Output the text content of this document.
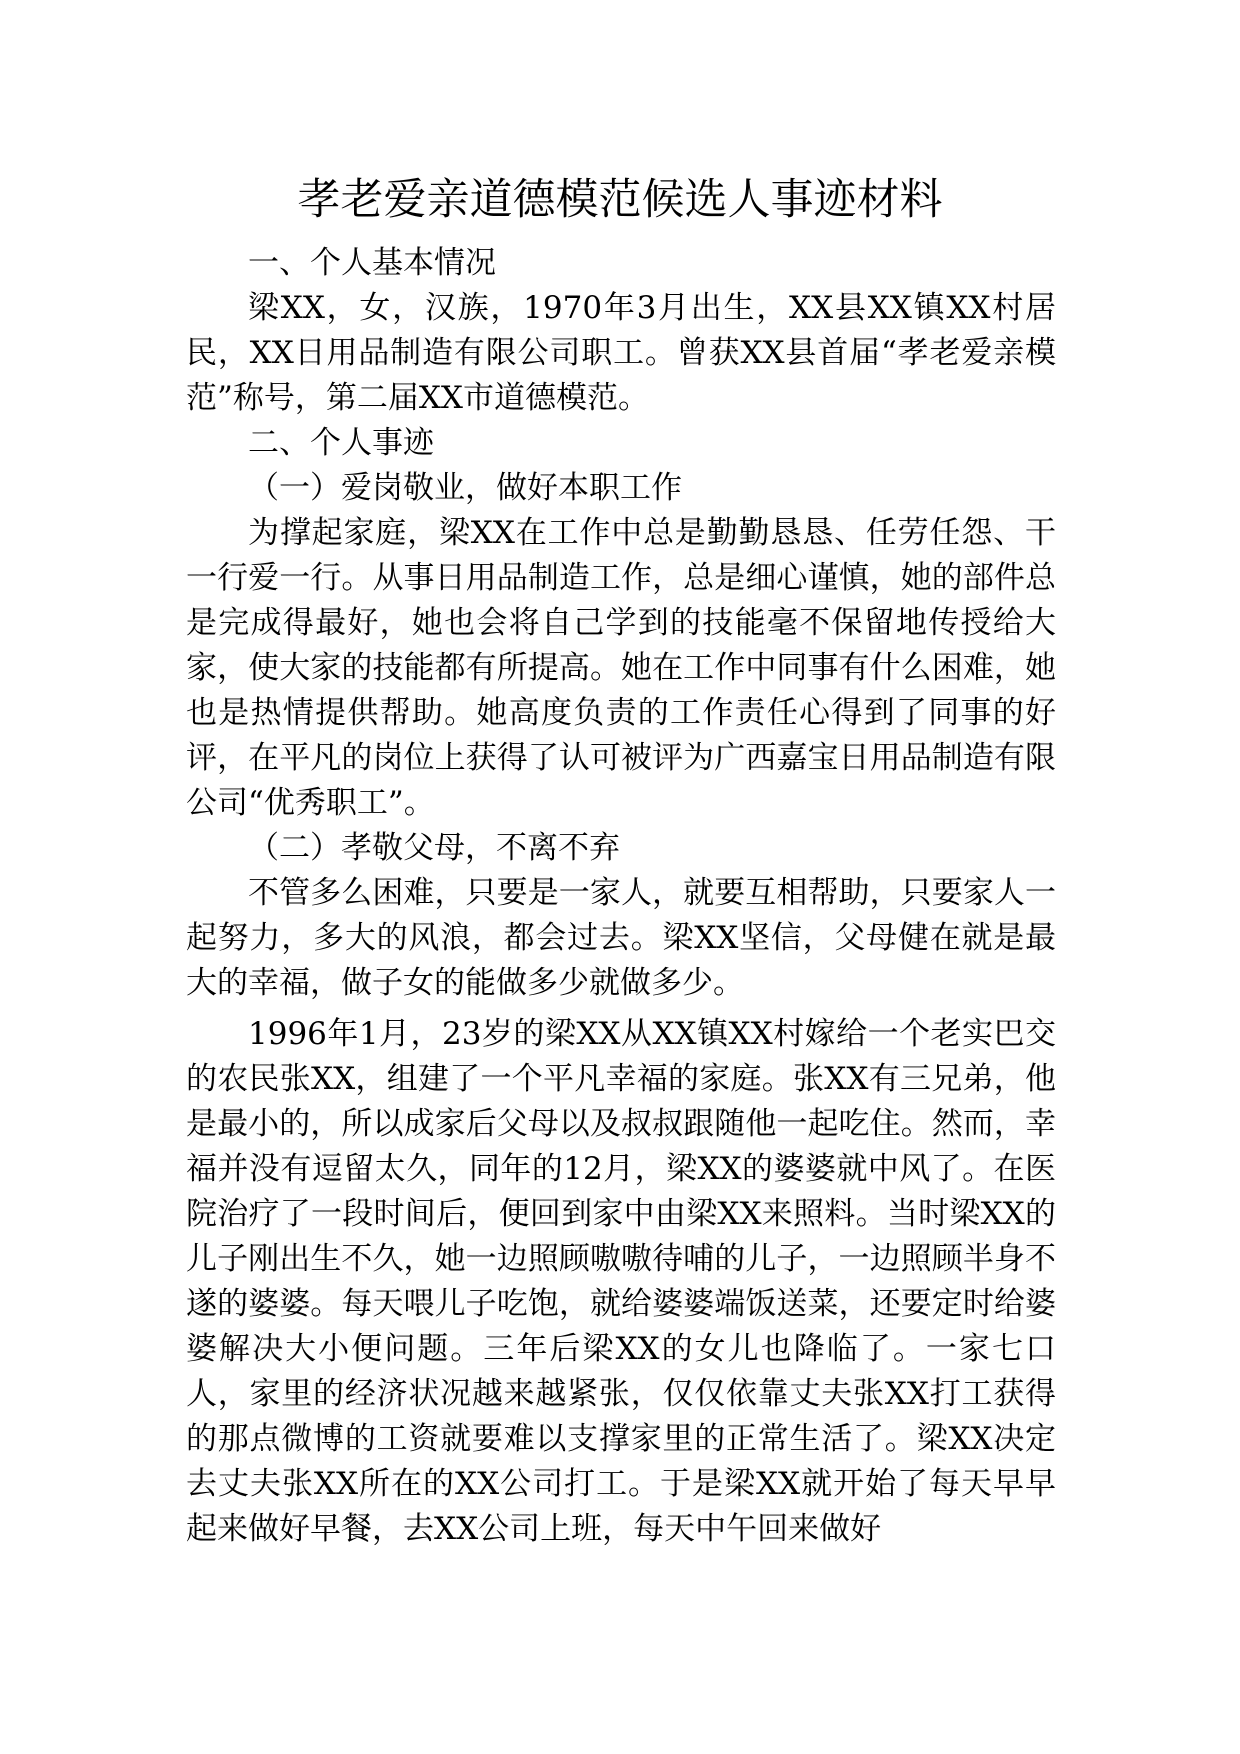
孝老爱亲道德模范候选人事迹材料

一、个人基本情况

梁XX，女，汉族，1970年3月出生，XX县XX镇XX村居民，XX日用品制造有限公司职工。曾获XX县首届“孝老爱亲模范”称号，第二届XX市道德模范。

二、个人事迹

（一）爱岗敬业，做好本职工作

为撑起家庭，梁XX在工作中总是勤勤恳恳、任劳任怨、干一行爱一行。从事日用品制造工作，总是细心谨慎，她的部件总是完成得最好，她也会将自己学到的技能毫不保留地传授给大家，使大家的技能都有所提高。她在工作中同事有什么困难，她也是热情提供帮助。她高度负责的工作责任心得到了同事的好评，在平凡的岗位上获得了认可被评为广西嘉宝日用品制造有限公司“优秀职工”。

（二）孝敬父母，不离不弃

不管多么困难，只要是一家人，就要互相帮助，只要家人一起努力，多大的风浪，都会过去。梁XX坚信，父母健在就是最大的幸福，做子女的能做多少就做多少。

1996年1月，23岁的梁XX从XX镇XX村嫁给一个老实巴交的农民张XX，组建了一个平凡幸福的家庭。张XX有三兄弟，他是最小的，所以成家后父母以及叔叔跟随他一起吃住。然而，幸福并没有逗留太久，同年的12月，梁XX的婆婆就中风了。在医院治疗了一段时间后，便回到家中由梁XX来照料。当时梁XX的儿子刚出生不久，她一边照顾嗷嗷待哺的儿子，一边照顾半身不遂的婆婆。每天喂儿子吃饱，就给婆婆端饭送菜，还要定时给婆婆解决大小便问题。三年后梁XX的女儿也降临了。一家七口人，家里的经济状况越来越紧张，仅仅依靠丈夫张XX打工获得的那点微博的工资就要难以支撑家里的正常生活了。梁XX决定去丈夫张XX所在的XX公司打工。于是梁XX就开始了每天早早起来做好早餐，去XX公司上班，每天中午回来做好
